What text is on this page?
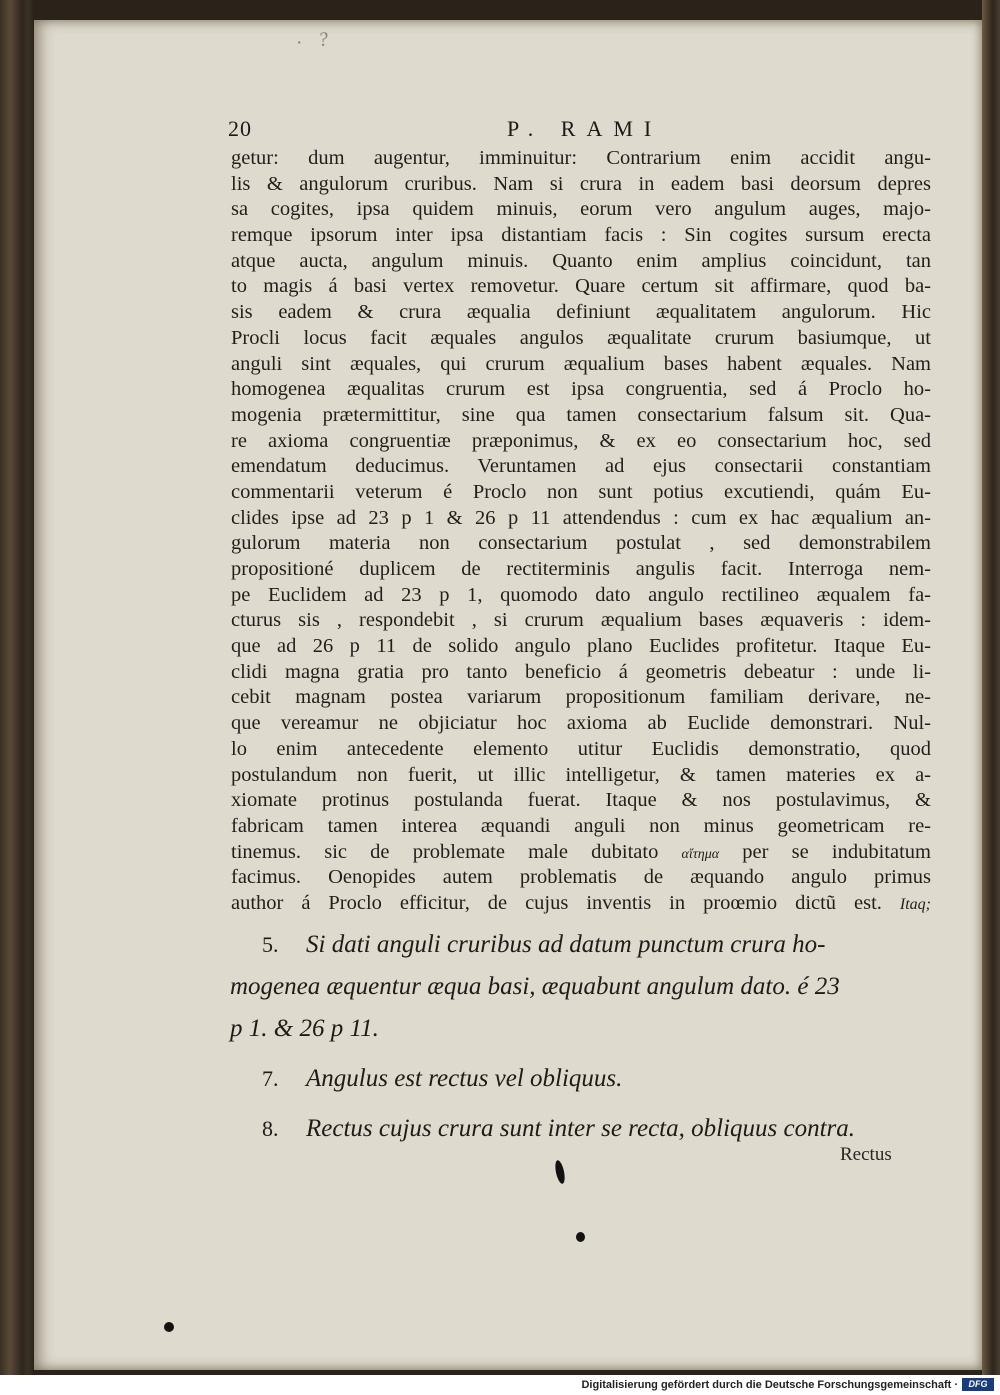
· ?
20	P. RAMI
getur: dum augentur, imminuitur: Contrarium enim accidit angu-
lis & angulorum cruribus. Nam si crura in eadem basi deorsum depres
sa cogites, ipsa quidem minuis, eorum vero angulum auges, majo-
remque ipsorum inter ipsa distantiam facis : Sin cogites sursum erecta
atque aucta, angulum minuis. Quanto enim amplius coincidunt, tan
to magis á basi vertex removetur. Quare certum sit affirmare, quod ba-
sis eadem & crura æqualia definiunt æqualitatem angulorum. Hic
Procli locus facit æquales angulos æqualitate crurum basiumque, ut
anguli sint æquales, qui crurum æqualium bases habent æquales. Nam
homogenea æqualitas crurum est ipsa congruentia, sed á Proclo ho-
mogenia prætermittitur, sine qua tamen consectarium falsum sit. Qua-
re axioma congruentiæ præponimus, & ex eo consectarium hoc, sed
emendatum deducimus. Veruntamen ad ejus consectarii constantiam
commentarii veterum é Proclo non sunt potius excutiendi, quám Eu-
clides ipse ad 23 p 1 & 26 p 11 attendendus : cum ex hac æqualium an-
gulorum materia non consectarium postulat , sed demonstrabilem
propositioné duplicem de rectiterminis angulis facit. Interroga nem-
pe Euclidem ad 23 p 1, quomodo dato angulo rectilineo æqualem fa-
cturus sis , respondebit , si crurum æqualium bases æquaveris : idem-
que ad 26 p 11 de solido angulo plano Euclides profitetur. Itaque Eu-
clidi magna gratia pro tanto beneficio á geometris debeatur : unde li-
cebit magnam postea variarum propositionum familiam derivare, ne-
que vereamur ne objiciatur hoc axioma ab Euclide demonstrari. Nul-
lo enim antecedente elemento utitur Euclidis demonstratio, quod
postulandum non fuerit, ut illic intelligetur, & tamen materies ex a-
xiomate protinus postulanda fuerat. Itaque & nos postulavimus, &
fabricam tamen interea æquandi anguli non minus geometricam re-
tinemus. sic de problemate male dubitato αἴτημα per se indubitatum
facimus. Oenopides autem problematis de æquando angulo primus
author á Proclo efficitur, de cujus inventis in proœmio dictũ est. Itaq;
5. Si dati anguli cruribus ad datum punctum crura ho-
mogenea æquentur æqua basi, æquabunt angulum dato. é 23
p 1. & 26 p 11.
7. Angulus est rectus vel obliquus.
8. Rectus cujus crura sunt inter se recta, obliquus contra.
Rectus
Digitalisierung gefördert durch die Deutsche Forschungsgemeinschaft ·	DFG
